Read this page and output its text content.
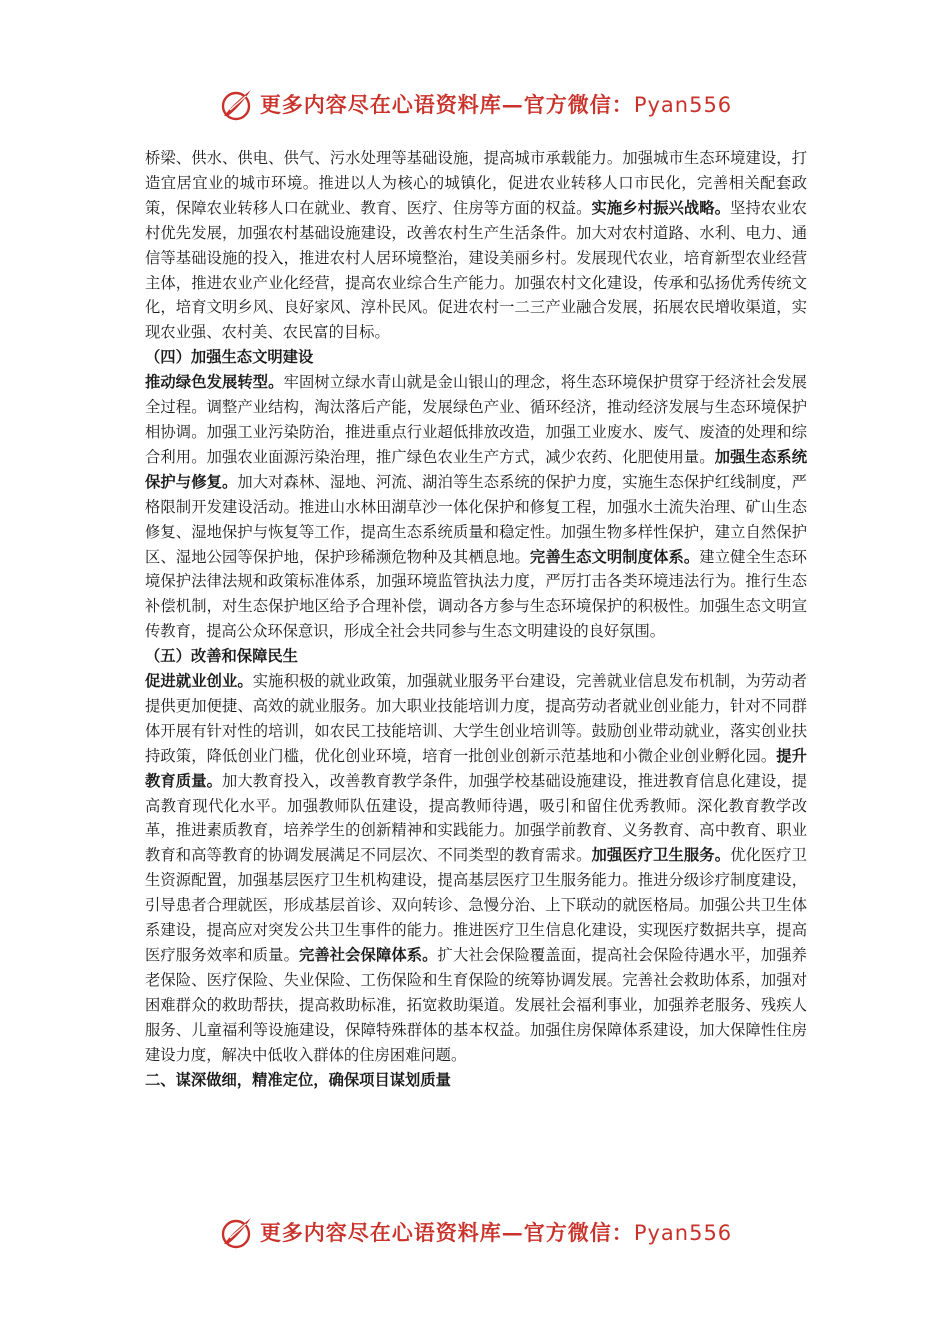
更多内容尽在心语资料库—官方微信：Pyan556

桥梁、供水、供电、供气、污水处理等基础设施，提高城市承载能力。加强城市生态环境建设，打造宜居宜业的城市环境。推进以人为核心的城镇化，促进农业转移人口市民化，完善相关配套政策，保障农业转移人口在就业、教育、医疗、住房等方面的权益。实施乡村振兴战略。坚持农业农村优先发展，加强农村基础设施建设，改善农村生产生活条件。加大对农村道路、水利、电力、通信等基础设施的投入，推进农村人居环境整治，建设美丽乡村。发展现代农业，培育新型农业经营主体，推进农业产业化经营，提高农业综合生产能力。加强农村文化建设，传承和弘扬优秀传统文化，培育文明乡风、良好家风、淳朴民风。促进农村一二三产业融合发展，拓展农民增收渠道，实现农业强、农村美、农民富的目标。

（四）加强生态文明建设

推动绿色发展转型。牢固树立绿水青山就是金山银山的理念，将生态环境保护贯穿于经济社会发展全过程。调整产业结构，淘汰落后产能，发展绿色产业、循环经济，推动经济发展与生态环境保护相协调。加强工业污染防治，推进重点行业超低排放改造，加强工业废水、废气、废渣的处理和综合利用。加强农业面源污染治理，推广绿色农业生产方式，减少农药、化肥使用量。加强生态系统保护与修复。加大对森林、湿地、河流、湖泊等生态系统的保护力度，实施生态保护红线制度，严格限制开发建设活动。推进山水林田湖草沙一体化保护和修复工程，加强水土流失治理、矿山生态修复、湿地保护与恢复等工作，提高生态系统质量和稳定性。加强生物多样性保护，建立自然保护区、湿地公园等保护地，保护珍稀濒危物种及其栖息地。完善生态文明制度体系。建立健全生态环境保护法律法规和政策标准体系，加强环境监管执法力度，严厉打击各类环境违法行为。推行生态补偿机制，对生态保护地区给予合理补偿，调动各方参与生态环境保护的积极性。加强生态文明宣传教育，提高公众环保意识，形成全社会共同参与生态文明建设的良好氛围。

（五）改善和保障民生

促进就业创业。实施积极的就业政策，加强就业服务平台建设，完善就业信息发布机制，为劳动者提供更加便捷、高效的就业服务。加大职业技能培训力度，提高劳动者就业创业能力，针对不同群体开展有针对性的培训，如农民工技能培训、大学生创业培训等。鼓励创业带动就业，落实创业扶持政策，降低创业门槛，优化创业环境，培育一批创业创新示范基地和小微企业创业孵化园。提升教育质量。加大教育投入，改善教育教学条件，加强学校基础设施建设，推进教育信息化建设，提高教育现代化水平。加强教师队伍建设，提高教师待遇，吸引和留住优秀教师。深化教育教学改革，推进素质教育，培养学生的创新精神和实践能力。加强学前教育、义务教育、高中教育、职业教育和高等教育的协调发展满足不同层次、不同类型的教育需求。加强医疗卫生服务。优化医疗卫生资源配置，加强基层医疗卫生机构建设，提高基层医疗卫生服务能力。推进分级诊疗制度建设，引导患者合理就医，形成基层首诊、双向转诊、急慢分治、上下联动的就医格局。加强公共卫生体系建设，提高应对突发公共卫生事件的能力。推进医疗卫生信息化建设，实现医疗数据共享，提高医疗服务效率和质量。完善社会保障体系。扩大社会保险覆盖面，提高社会保险待遇水平，加强养老保险、医疗保险、失业保险、工伤保险和生育保险的统筹协调发展。完善社会救助体系，加强对困难群众的救助帮扶，提高救助标准，拓宽救助渠道。发展社会福利事业，加强养老服务、残疾人服务、儿童福利等设施建设，保障特殊群体的基本权益。加强住房保障体系建设，加大保障性住房建设力度，解决中低收入群体的住房困难问题。

二、谋深做细，精准定位，确保项目谋划质量

更多内容尽在心语资料库—官方微信：Pyan556
